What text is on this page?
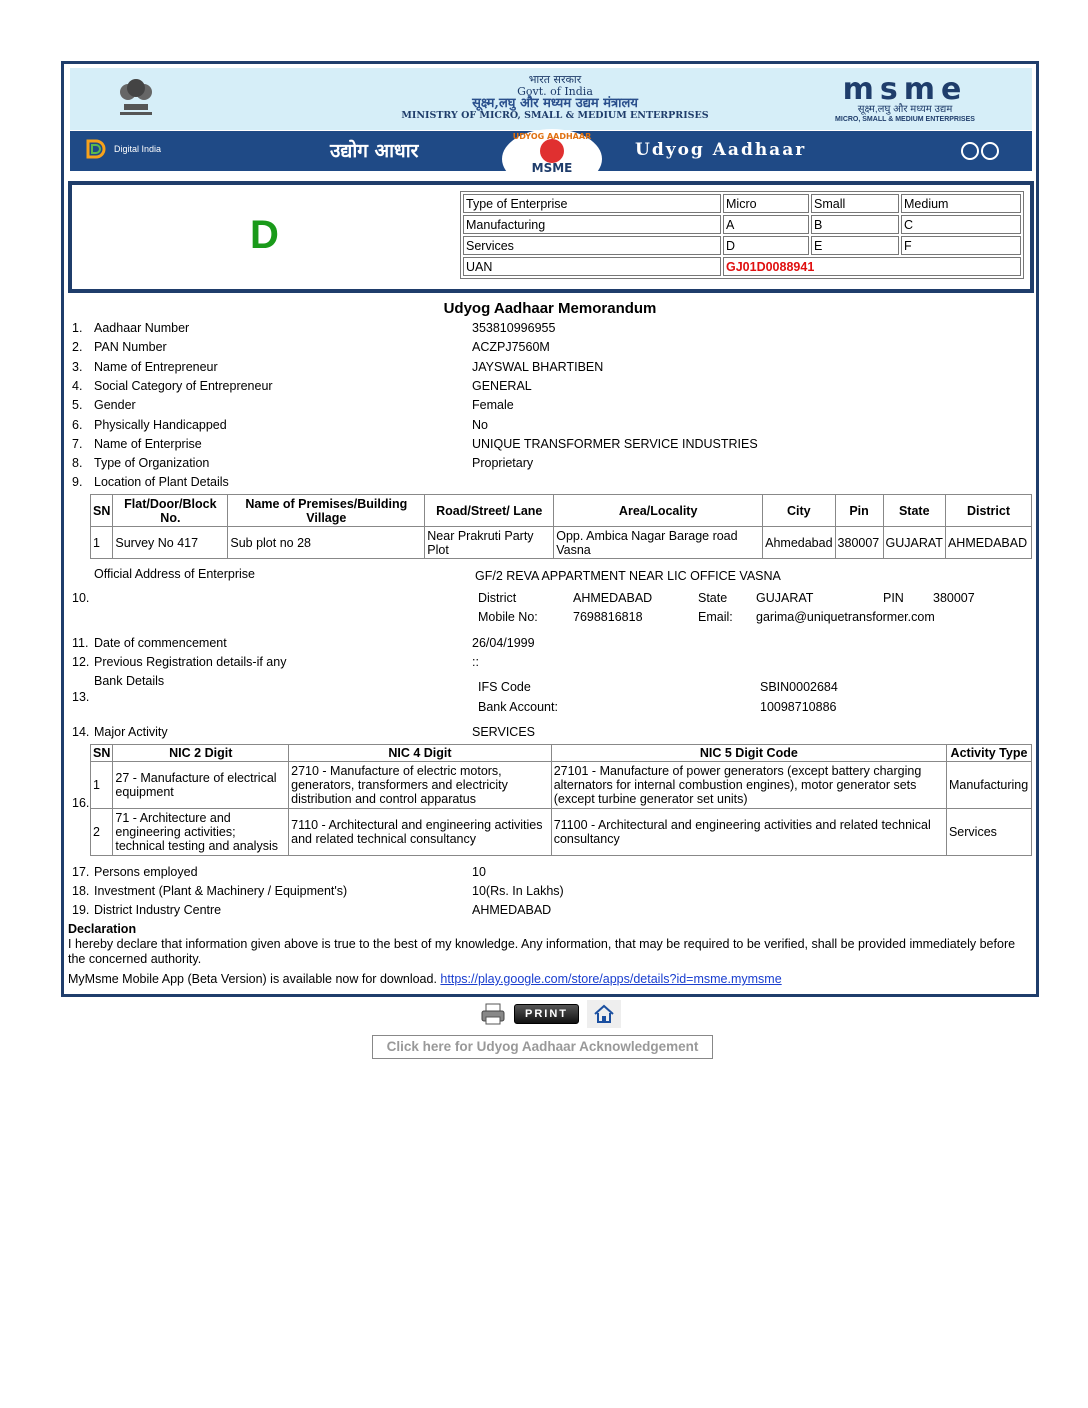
भारत सरकार
Govt. of India
सूक्ष्म,लघु और मध्यम उद्यम मंत्रालय
MINISTRY OF MICRO, SMALL & MEDIUM ENTERPRISES
msme
सूक्ष्म,लघु और मध्यम उद्यम
MICRO, SMALL & MEDIUM ENTERPRISES
Digital India	उद्योग आधार
UDYOG AADHAAR
MSME
Udyog Aadhaar
D
Type of Enterprise	Micro	Small	Medium
Manufacturing	A	B	C
Services	D	E	F
UAN	GJ01D0088941		
Udyog Aadhaar Memorandum
1. Aadhaar Number	353810996955
2. PAN Number	ACZPJ7560M
3. Name of Entrepreneur	JAYSWAL BHARTIBEN
4. Social Category of Entrepreneur	GENERAL
5. Gender	Female
6. Physically Handicapped	No
7. Name of Enterprise	UNIQUE TRANSFORMER SERVICE INDUSTRIES
8. Type of Organization	Proprietary
9. Location of Plant Details
SN	Flat/Door/Block No.	Name of Premises/Building Village	Road/Street/ Lane	Area/Locality	City	Pin	State	District
1	Survey No 417	Sub plot no 28	Near Prakruti Party Plot	Opp. Ambica Nagar Barage road Vasna	Ahmedabad	380007	GUJARAT	AHMEDABAD
Official Address of Enterprise	GF/2 REVA APPARTMENT NEAR LIC OFFICE VASNA
10.	District	AHMEDABAD	State GUJARAT	PIN 380007
Mobile No:	7698816818	Email: garima@uniquetransformer.com
11. Date of commencement	26/04/1999
12. Previous Registration details-if any	::
Bank Details	IFS Code	SBIN0002684
13.
Bank Account:	10098710886
14. Major Activity	SERVICES
16.
SN	NIC 2 Digit	NIC 4 Digit	NIC 5 Digit Code	Activity Type
1	27 - Manufacture of electrical equipment	2710 - Manufacture of electric motors, generators, transformers and electricity distribution and control apparatus	27101 - Manufacture of power generators (except battery charging alternators for internal combustion engines), motor generator sets (except turbine generator set units)	Manufacturing
2	71 - Architecture and engineering activities; technical testing and analysis	7110 - Architectural and engineering activities and related technical consultancy	71100 - Architectural and engineering activities and related technical consultancy	Services
17. Persons employed	10
18. Investment (Plant & Machinery / Equipment's)	10(Rs. In Lakhs)
19. District Industry Centre	AHMEDABAD
Declaration
I hereby declare that information given above is true to the best of my knowledge. Any information, that may be required to be verified, shall be provided immediately before the concerned authority.
MyMsme Mobile App (Beta Version) is available now for download. https://play.google.com/store/apps/details?id=msme.mymsme
PRINT
Click here for Udyog Aadhaar Acknowledgement
